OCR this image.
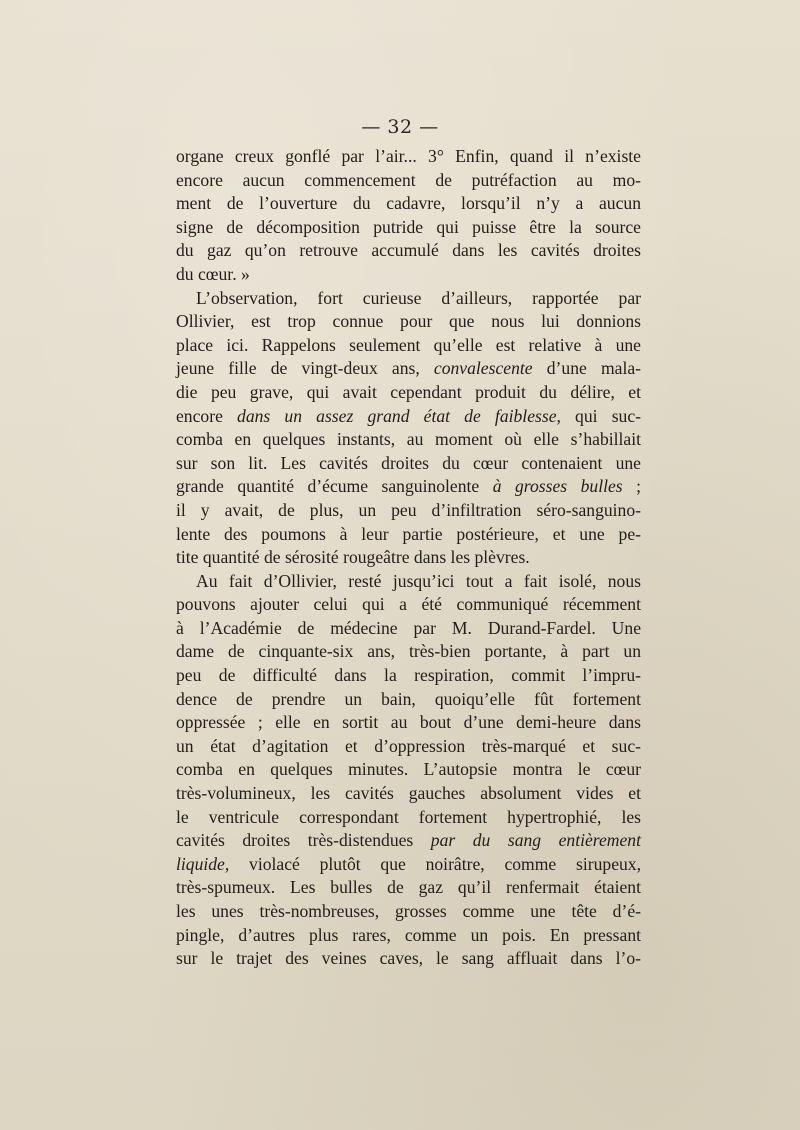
— 32 —
organe creux gonflé par l’air... 3° Enfin, quand il n’existe
encore aucun commencement de putréfaction au mo-
ment de l’ouverture du cadavre, lorsqu’il n’y a aucun
signe de décomposition putride qui puisse être la source
du gaz qu’on retrouve accumulé dans les cavités droites
du cœur. »
L’observation, fort curieuse d’ailleurs, rapportée par
Ollivier, est trop connue pour que nous lui donnions
place ici. Rappelons seulement qu’elle est relative à une
jeune fille de vingt-deux ans, convalescente d’une mala-
die peu grave, qui avait cependant produit du délire, et
encore dans un assez grand état de faiblesse, qui suc-
comba en quelques instants, au moment où elle s’habillait
sur son lit. Les cavités droites du cœur contenaient une
grande quantité d’écume sanguinolente à grosses bulles ;
il y avait, de plus, un peu d’infiltration séro-sanguino-
lente des poumons à leur partie postérieure, et une pe-
tite quantité de sérosité rougeâtre dans les plèvres.
Au fait d’Ollivier, resté jusqu’ici tout a fait isolé, nous
pouvons ajouter celui qui a été communiqué récemment
à l’Académie de médecine par M. Durand-Fardel. Une
dame de cinquante-six ans, très-bien portante, à part un
peu de difficulté dans la respiration, commit l’impru-
dence de prendre un bain, quoiqu’elle fût fortement
oppressée ; elle en sortit au bout d’une demi-heure dans
un état d’agitation et d’oppression très-marqué et suc-
comba en quelques minutes. L’autopsie montra le cœur
très-volumineux, les cavités gauches absolument vides et
le ventricule correspondant fortement hypertrophié, les
cavités droites très-distendues par du sang entièrement
liquide, violacé plutôt que noirâtre, comme sirupeux,
très-spumeux. Les bulles de gaz qu’il renfermait étaient
les unes très-nombreuses, grosses comme une tête d’é-
pingle, d’autres plus rares, comme un pois. En pressant
sur le trajet des veines caves, le sang affluait dans l’o-
